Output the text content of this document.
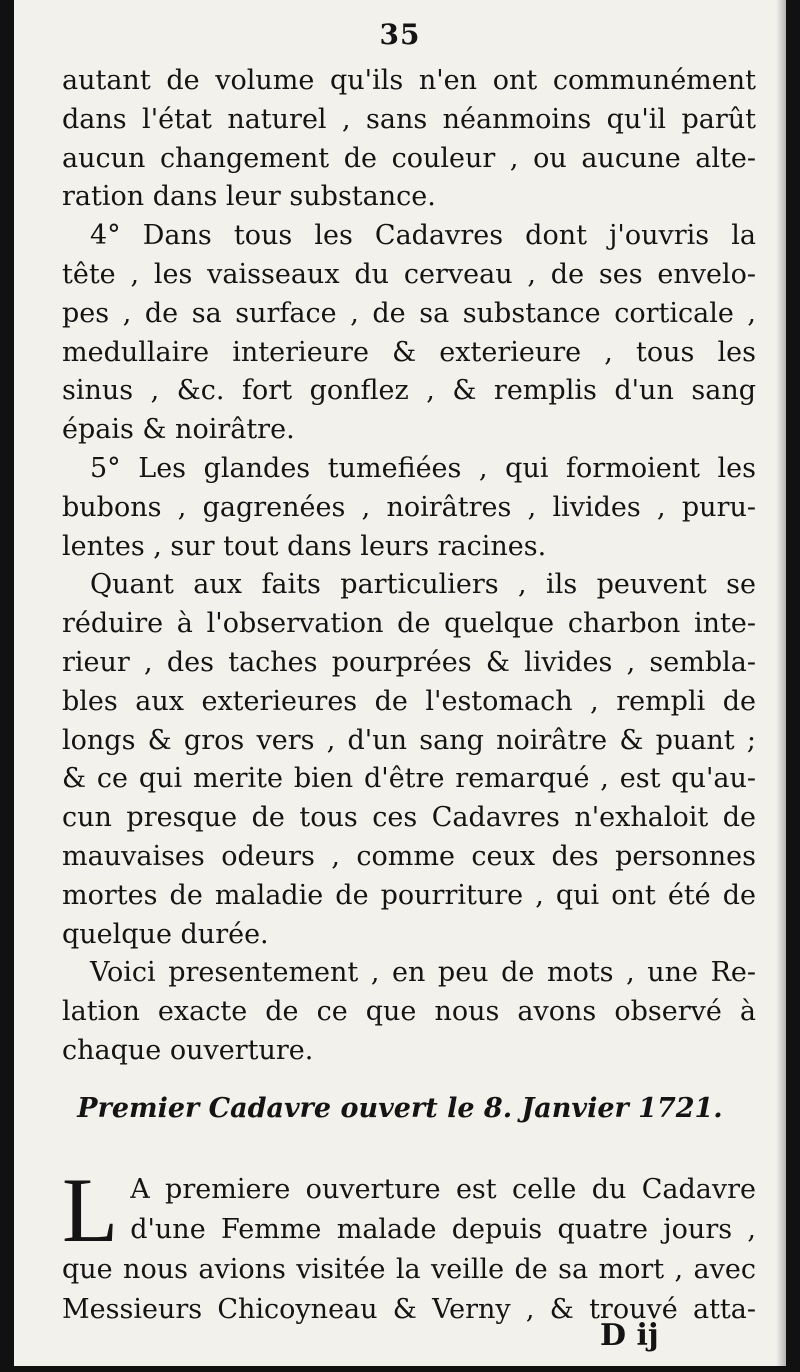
35
autant de volume qu'ils n'en ont communément
dans l'état naturel , sans néanmoins qu'il parût
aucun changement de couleur , ou aucune alte-
ration dans leur substance.
4° Dans tous les Cadavres dont j'ouvris la
tête , les vaisseaux du cerveau , de ses envelo-
pes , de sa surface , de sa substance corticale ,
medullaire interieure & exterieure , tous les
sinus , &c. fort gonflez , & remplis d'un sang
épais & noirâtre.
5° Les glandes tumefiées , qui formoient les
bubons , gagrenées , noirâtres , livides , puru-
lentes , sur tout dans leurs racines.
Quant aux faits particuliers , ils peuvent se
réduire à l'observation de quelque charbon inte-
rieur , des taches pourprées & livides , sembla-
bles aux exterieures de l'estomach , rempli de
longs & gros vers , d'un sang noirâtre & puant ;
& ce qui merite bien d'être remarqué , est qu'au-
cun presque de tous ces Cadavres n'exhaloit de
mauvaises odeurs , comme ceux des personnes
mortes de maladie de pourriture , qui ont été de
quelque durée.
Voici presentement , en peu de mots , une Re-
lation exacte de ce que nous avons observé à
chaque ouverture.
Premier Cadavre ouvert le 8. Janvier 1721.
L A premiere ouverture est celle du Cadavre
d'une Femme malade depuis quatre jours ,
que nous avions visitée la veille de sa mort , avec
Messieurs Chicoyneau & Verny , & trouvé atta-
D ij
